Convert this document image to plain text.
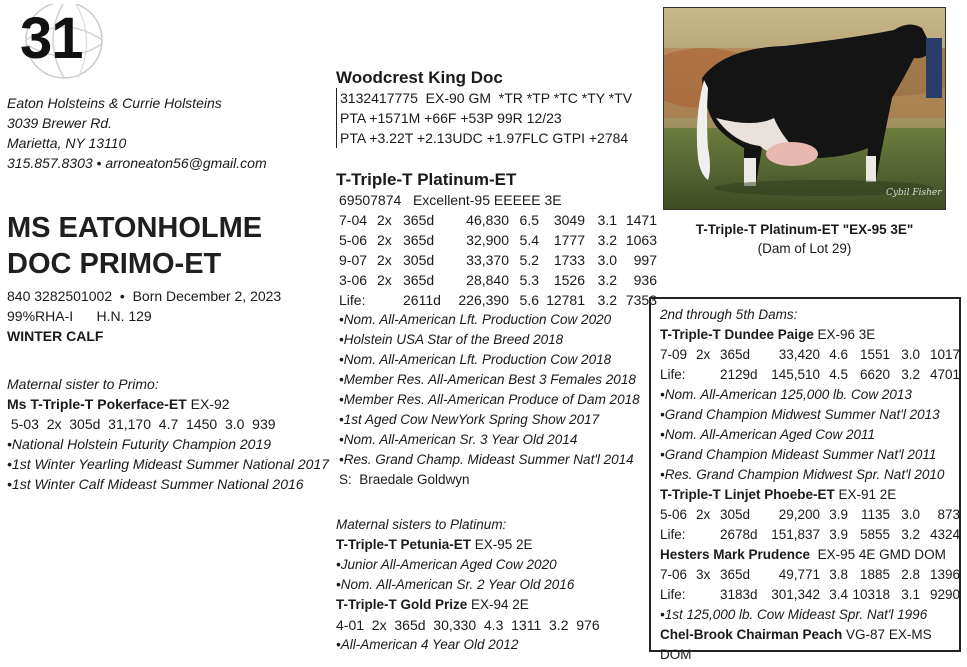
31
Eaton Holsteins & Currie Holsteins
3039 Brewer Rd.
Marietta, NY 13110
315.857.8303 • arroneaton56@gmail.com
MS EATONHOLME
DOC PRIMO-ET
840 3282501002  •  Born December 2, 2023
99%RHA-I      H.N. 129
WINTER CALF
Maternal sister to Primo:
Ms T-Triple-T Pokerface-ET EX-92
5-03  2x  305d  31,170  4.7  1450  3.0  939
•National Holstein Futurity Champion 2019
•1st Winter Yearling Mideast Summer National 2017
•1st Winter Calf Mideast Summer National 2016
Woodcrest King Doc
3132417775  EX-90 GM  *TR *TP *TC *TY *TV
PTA +1571M +66F +53P 99R 12/23
PTA +3.22T +2.13UDC +1.97FLC GTPI +2784
T-Triple-T Platinum-ET
69507874   Excellent-95 EEEEE 3E
7-04 2x 365d	46,830 6.5	3049 3.1 1471
5-06 2x 365d	32,900 5.4	1777 3.2 1063
9-07 2x 305d	33,370 5.2	1733 3.0	997
3-06 2x 365d	28,840 5.3	1526 3.2	936
Life:	2611d	226,390 5.6 12781 3.2 7353
•Nom. All-American Lft. Production Cow 2020
•Holstein USA Star of the Breed 2018
•Nom. All-American Lft. Production Cow 2018
•Member Res. All-American Best 3 Females 2018
•Member Res. All-American Produce of Dam 2018
•1st Aged Cow NewYork Spring Show 2017
•Nom. All-American Sr. 3 Year Old 2014
•Res. Grand Champ. Mideast Summer Nat'l 2014
S:  Braedale Goldwyn
Maternal sisters to Platinum:
T-Triple-T Petunia-ET EX-95 2E
•Junior All-American Aged Cow 2020
•Nom. All-American Sr. 2 Year Old 2016
T-Triple-T Gold Prize EX-94 2E
4-01  2x  365d  30,330  4.3  1311  3.2  976
•All-American 4 Year Old 2012
Cybil Fisher
T-Triple-T Platinum-ET "EX-95 3E"
(Dam of Lot 29)
2nd through 5th Dams:
T-Triple-T Dundee Paige EX-96 3E
7-09 2x 365d	33,420 4.6 1551 3.0 1017
Life:	2129d	145,510 4.5 6620 3.2 4701
•Nom. All-American 125,000 lb. Cow 2013
•Grand Champion Midwest Summer Nat'l 2013
•Nom. All-American Aged Cow 2011
•Grand Champion Mideast Summer Nat'l 2011
•Res. Grand Champion Midwest Spr. Nat'l 2010
T-Triple-T Linjet Phoebe-ET EX-91 2E
5-06 2x 305d	29,200 3.9 1135 3.0	873
Life:	2678d	151,837 3.9 5855 3.2 4324
Hesters Mark Prudence  EX-95 4E GMD DOM
7-06 3x 365d	49,771 3.8 1885 2.8 1396
Life:	3183d	301,342 3.4 10318 3.1 9290
•1st 125,000 lb. Cow Mideast Spr. Nat'l 1996
Chel-Brook Chairman Peach VG-87 EX-MS DOM
